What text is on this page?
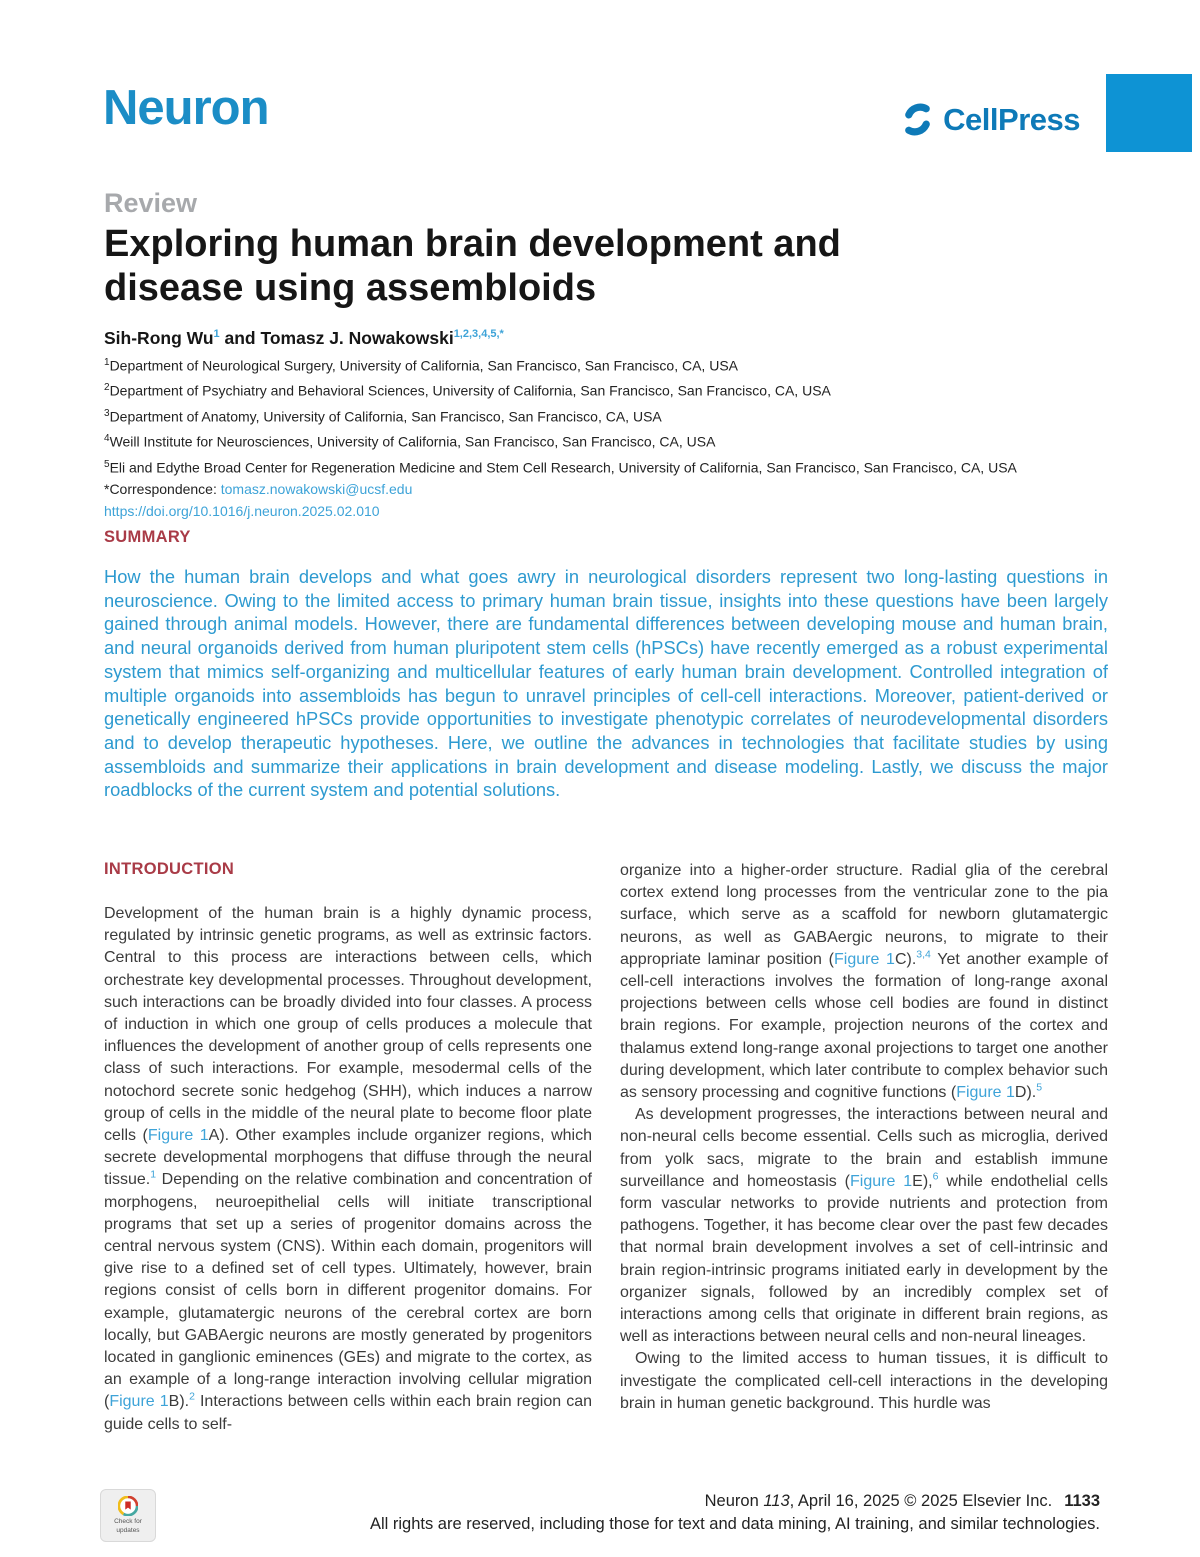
Neuron	CellPress
Review
Exploring human brain development and disease using assembloids
Sih-Rong Wu$^1$ and Tomasz J. Nowakowski$^{1,2,3,4,5,*}$
$^1$Department of Neurological Surgery, University of California, San Francisco, San Francisco, CA, USA
$^2$Department of Psychiatry and Behavioral Sciences, University of California, San Francisco, San Francisco, CA, USA
$^3$Department of Anatomy, University of California, San Francisco, San Francisco, CA, USA
$^4$Weill Institute for Neurosciences, University of California, San Francisco, San Francisco, CA, USA
$^5$Eli and Edythe Broad Center for Regeneration Medicine and Stem Cell Research, University of California, San Francisco, San Francisco, CA, USA
*Correspondence: tomasz.nowakowski@ucsf.edu
https://doi.org/10.1016/j.neuron.2025.02.010
SUMMARY
How the human brain develops and what goes awry in neurological disorders represent two long-lasting questions in neuroscience. Owing to the limited access to primary human brain tissue, insights into these questions have been largely gained through animal models. However, there are fundamental differences between developing mouse and human brain, and neural organoids derived from human pluripotent stem cells (hPSCs) have recently emerged as a robust experimental system that mimics self-organizing and multicellular features of early human brain development. Controlled integration of multiple organoids into assembloids has begun to unravel principles of cell-cell interactions. Moreover, patient-derived or genetically engineered hPSCs provide opportunities to investigate phenotypic correlates of neurodevelopmental disorders and to develop therapeutic hypotheses. Here, we outline the advances in technologies that facilitate studies by using assembloids and summarize their applications in brain development and disease modeling. Lastly, we discuss the major roadblocks of the current system and potential solutions.
INTRODUCTION

Development of the human brain is a highly dynamic process, regulated by intrinsic genetic programs, as well as extrinsic factors. Central to this process are interactions between cells, which orchestrate key developmental processes. Throughout development, such interactions can be broadly divided into four classes. A process of induction in which one group of cells produces a molecule that influences the development of another group of cells represents one class of such interactions. For example, mesodermal cells of the notochord secrete sonic hedgehog (SHH), which induces a narrow group of cells in the middle of the neural plate to become floor plate cells (Figure 1A). Other examples include organizer regions, which secrete developmental morphogens that diffuse through the neural tissue.$^1$ Depending on the relative combination and concentration of morphogens, neuroepithelial cells will initiate transcriptional programs that set up a series of progenitor domains across the central nervous system (CNS). Within each domain, progenitors will give rise to a defined set of cell types. Ultimately, however, brain regions consist of cells born in different progenitor domains. For example, glutamatergic neurons of the cerebral cortex are born locally, but GABAergic neurons are mostly generated by progenitors located in ganglionic eminences (GEs) and migrate to the cortex, as an example of a long-range interaction involving cellular migration (Figure 1B).$^2$ Interactions between cells within each brain region can guide cells to self-

organize into a higher-order structure. Radial glia of the cerebral cortex extend long processes from the ventricular zone to the pia surface, which serve as a scaffold for newborn glutamatergic neurons, as well as GABAergic neurons, to migrate to their appropriate laminar position (Figure 1C).$^{3,4}$ Yet another example of cell-cell interactions involves the formation of long-range axonal projections between cells whose cell bodies are found in distinct brain regions. For example, projection neurons of the cortex and thalamus extend long-range axonal projections to target one another during development, which later contribute to complex behavior such as sensory processing and cognitive functions (Figure 1D).$^5$

As development progresses, the interactions between neural and non-neural cells become essential. Cells such as microglia, derived from yolk sacs, migrate to the brain and establish immune surveillance and homeostasis (Figure 1E),$^6$ while endothelial cells form vascular networks to provide nutrients and protection from pathogens. Together, it has become clear over the past few decades that normal brain development involves a set of cell-intrinsic and brain region-intrinsic programs initiated early in development by the organizer signals, followed by an incredibly complex set of interactions among cells that originate in different brain regions, as well as interactions between neural cells and non-neural lineages.

Owing to the limited access to human tissues, it is difficult to investigate the complicated cell-cell interactions in the developing brain in human genetic background. This hurdle was

Check for updates
Neuron 113, April 16, 2025 © 2025 Elsevier Inc. 1133
All rights are reserved, including those for text and data mining, AI training, and similar technologies.
